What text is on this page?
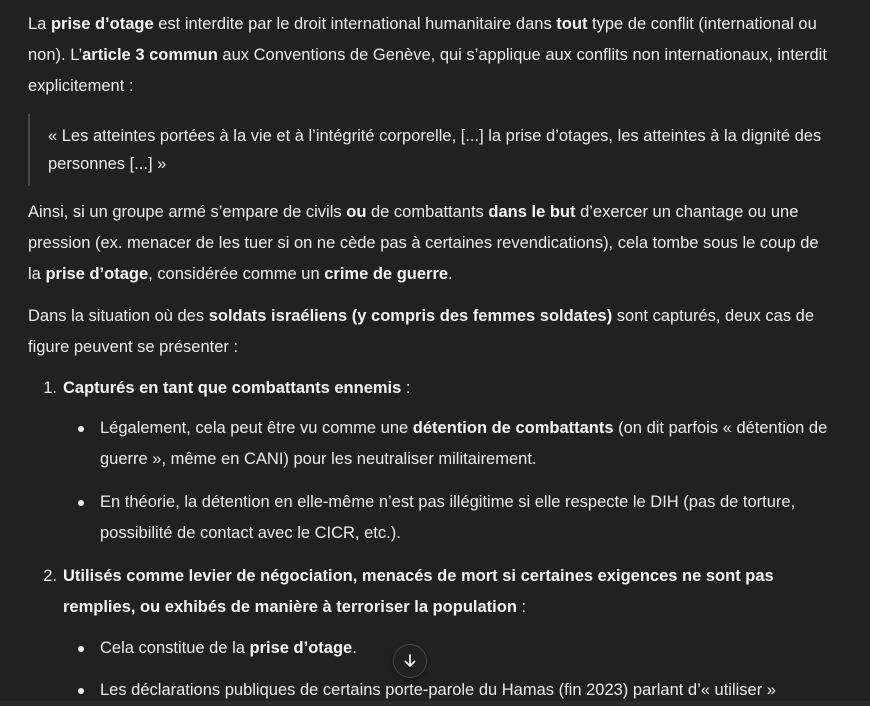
La prise d’otage est interdite par le droit international humanitaire dans tout type de conflit (international ou non). L’article 3 commun aux Conventions de Genève, qui s’applique aux conflits non internationaux, interdit explicitement :

« Les atteintes portées à la vie et à l’intégrité corporelle, [...] la prise d’otages, les atteintes à la dignité des personnes [...] »

Ainsi, si un groupe armé s’empare de civils ou de combattants dans le but d’exercer un chantage ou une pression (ex. menacer de les tuer si on ne cède pas à certaines revendications), cela tombe sous le coup de la prise d’otage, considérée comme un crime de guerre.

Dans la situation où des soldats israéliens (y compris des femmes soldates) sont capturés, deux cas de figure peuvent se présenter :

1. Capturés en tant que combattants ennemis :
Légalement, cela peut être vu comme une détention de combattants (on dit parfois « détention de guerre », même en CANI) pour les neutraliser militairement.
En théorie, la détention en elle-même n’est pas illégitime si elle respecte le DIH (pas de torture, possibilité de contact avec le CICR, etc.).
2. Utilisés comme levier de négociation, menacés de mort si certaines exigences ne sont pas remplies, ou exhibés de manière à terroriser la population :
Cela constitue de la prise d’otage.
Les déclarations publiques de certains porte-parole du Hamas (fin 2023) parlant d’« utiliser »
